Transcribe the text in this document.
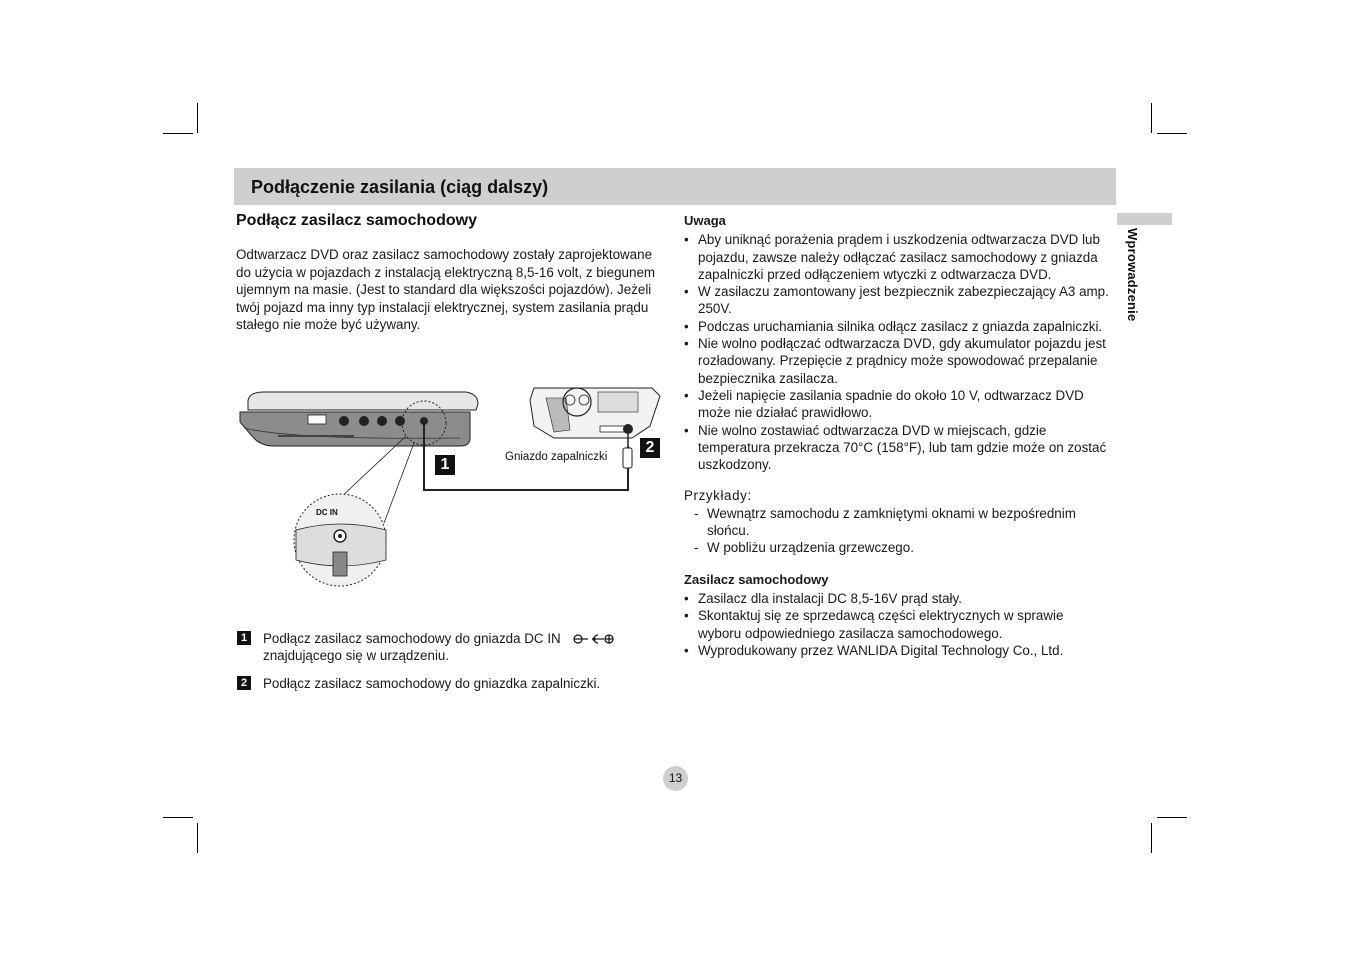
Podłączenie zasilania (ciąg dalszy)
Wprowadzenie
Podłącz zasilacz samochodowy

Odtwarzacz DVD oraz zasilacz samochodowy zostały zaprojektowane do użycia w pojazdach z instalacją elektryczną 8,5-16 volt, z biegunem ujemnym na masie. (Jest to standard dla większości pojazdów). Jeżeli twój pojazd ma inny typ instalacji elektrycznej, system zasilania prądu stałego nie może być używany.

DC IN
1
2
Gniazdo zapalniczki
1 Podłącz zasilacz samochodowy do gniazda DC IN
znajdującego się w urządzeniu.
2 Podłącz zasilacz samochodowy do gniazdka zapalniczki.

Uwaga

• Aby uniknąć porażenia prądem i uszkodzenia odtwarzacza DVD lub pojazdu, zawsze należy odłączać zasilacz samochodowy z gniazda zapalniczki przed odłączeniem wtyczki z odtwarzacza DVD.
• W zasilaczu zamontowany jest bezpiecznik zabezpieczający A3 amp. 250V.
• Podczas uruchamiania silnika odłącz zasilacz z gniazda zapalniczki.
• Nie wolno podłączać odtwarzacza DVD, gdy akumulator pojazdu jest rozładowany. Przepięcie z prądnicy może spowodować przepalanie bezpiecznika zasilacza.
• Jeżeli napięcie zasilania spadnie do około 10 V, odtwarzacz DVD może nie działać prawidłowo.
• Nie wolno zostawiać odtwarzacza DVD w miejscach, gdzie temperatura przekracza 70°C (158°F), lub tam gdzie może on zostać uszkodzony.

Przykłady:

- Wewnątrz samochodu z zamkniętymi oknami w bezpośrednim słońcu.
- W pobliżu urządzenia grzewczego.

Zasilacz samochodowy

• Zasilacz dla instalacji DC 8,5-16V prąd stały.
• Skontaktuj się ze sprzedawcą części elektrycznych w sprawie wyboru odpowiedniego zasilacza samochodowego.
• Wyprodukowany przez WANLIDA Digital Technology Co., Ltd.
13
